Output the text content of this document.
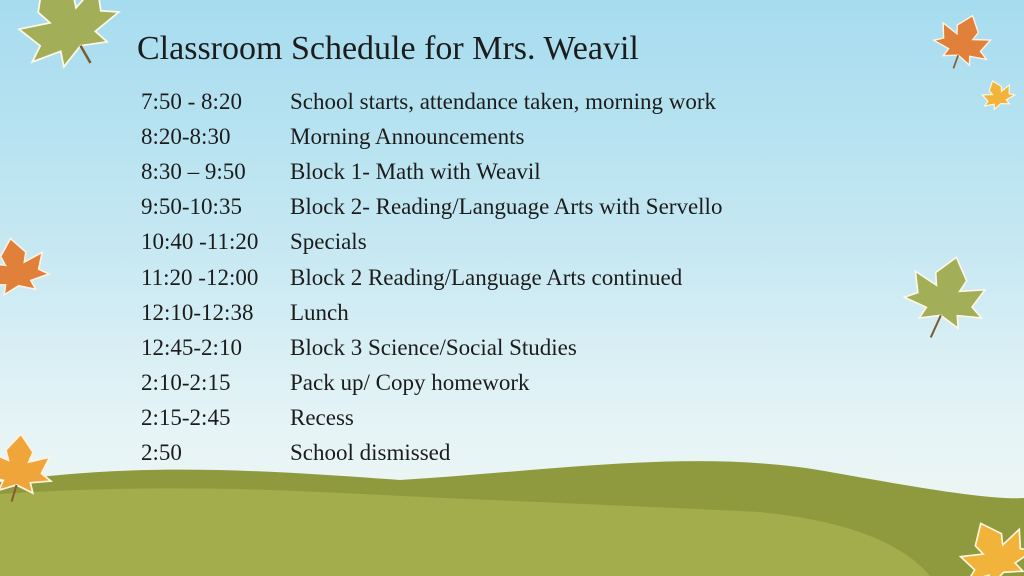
Classroom Schedule for Mrs. Weavil
7:50 - 8:20	School starts, attendance taken, morning work
8:20-8:30	Morning Announcements
8:30 – 9:50	Block 1- Math with Weavil
9:50-10:35	Block 2- Reading/Language Arts with Servello
10:40 -11:20	Specials
11:20 -12:00	Block 2 Reading/Language Arts continued
12:10-12:38	Lunch
12:45-2:10	Block 3 Science/Social Studies
2:10-2:15	Pack up/ Copy homework
2:15-2:45	Recess
2:50	School dismissed
